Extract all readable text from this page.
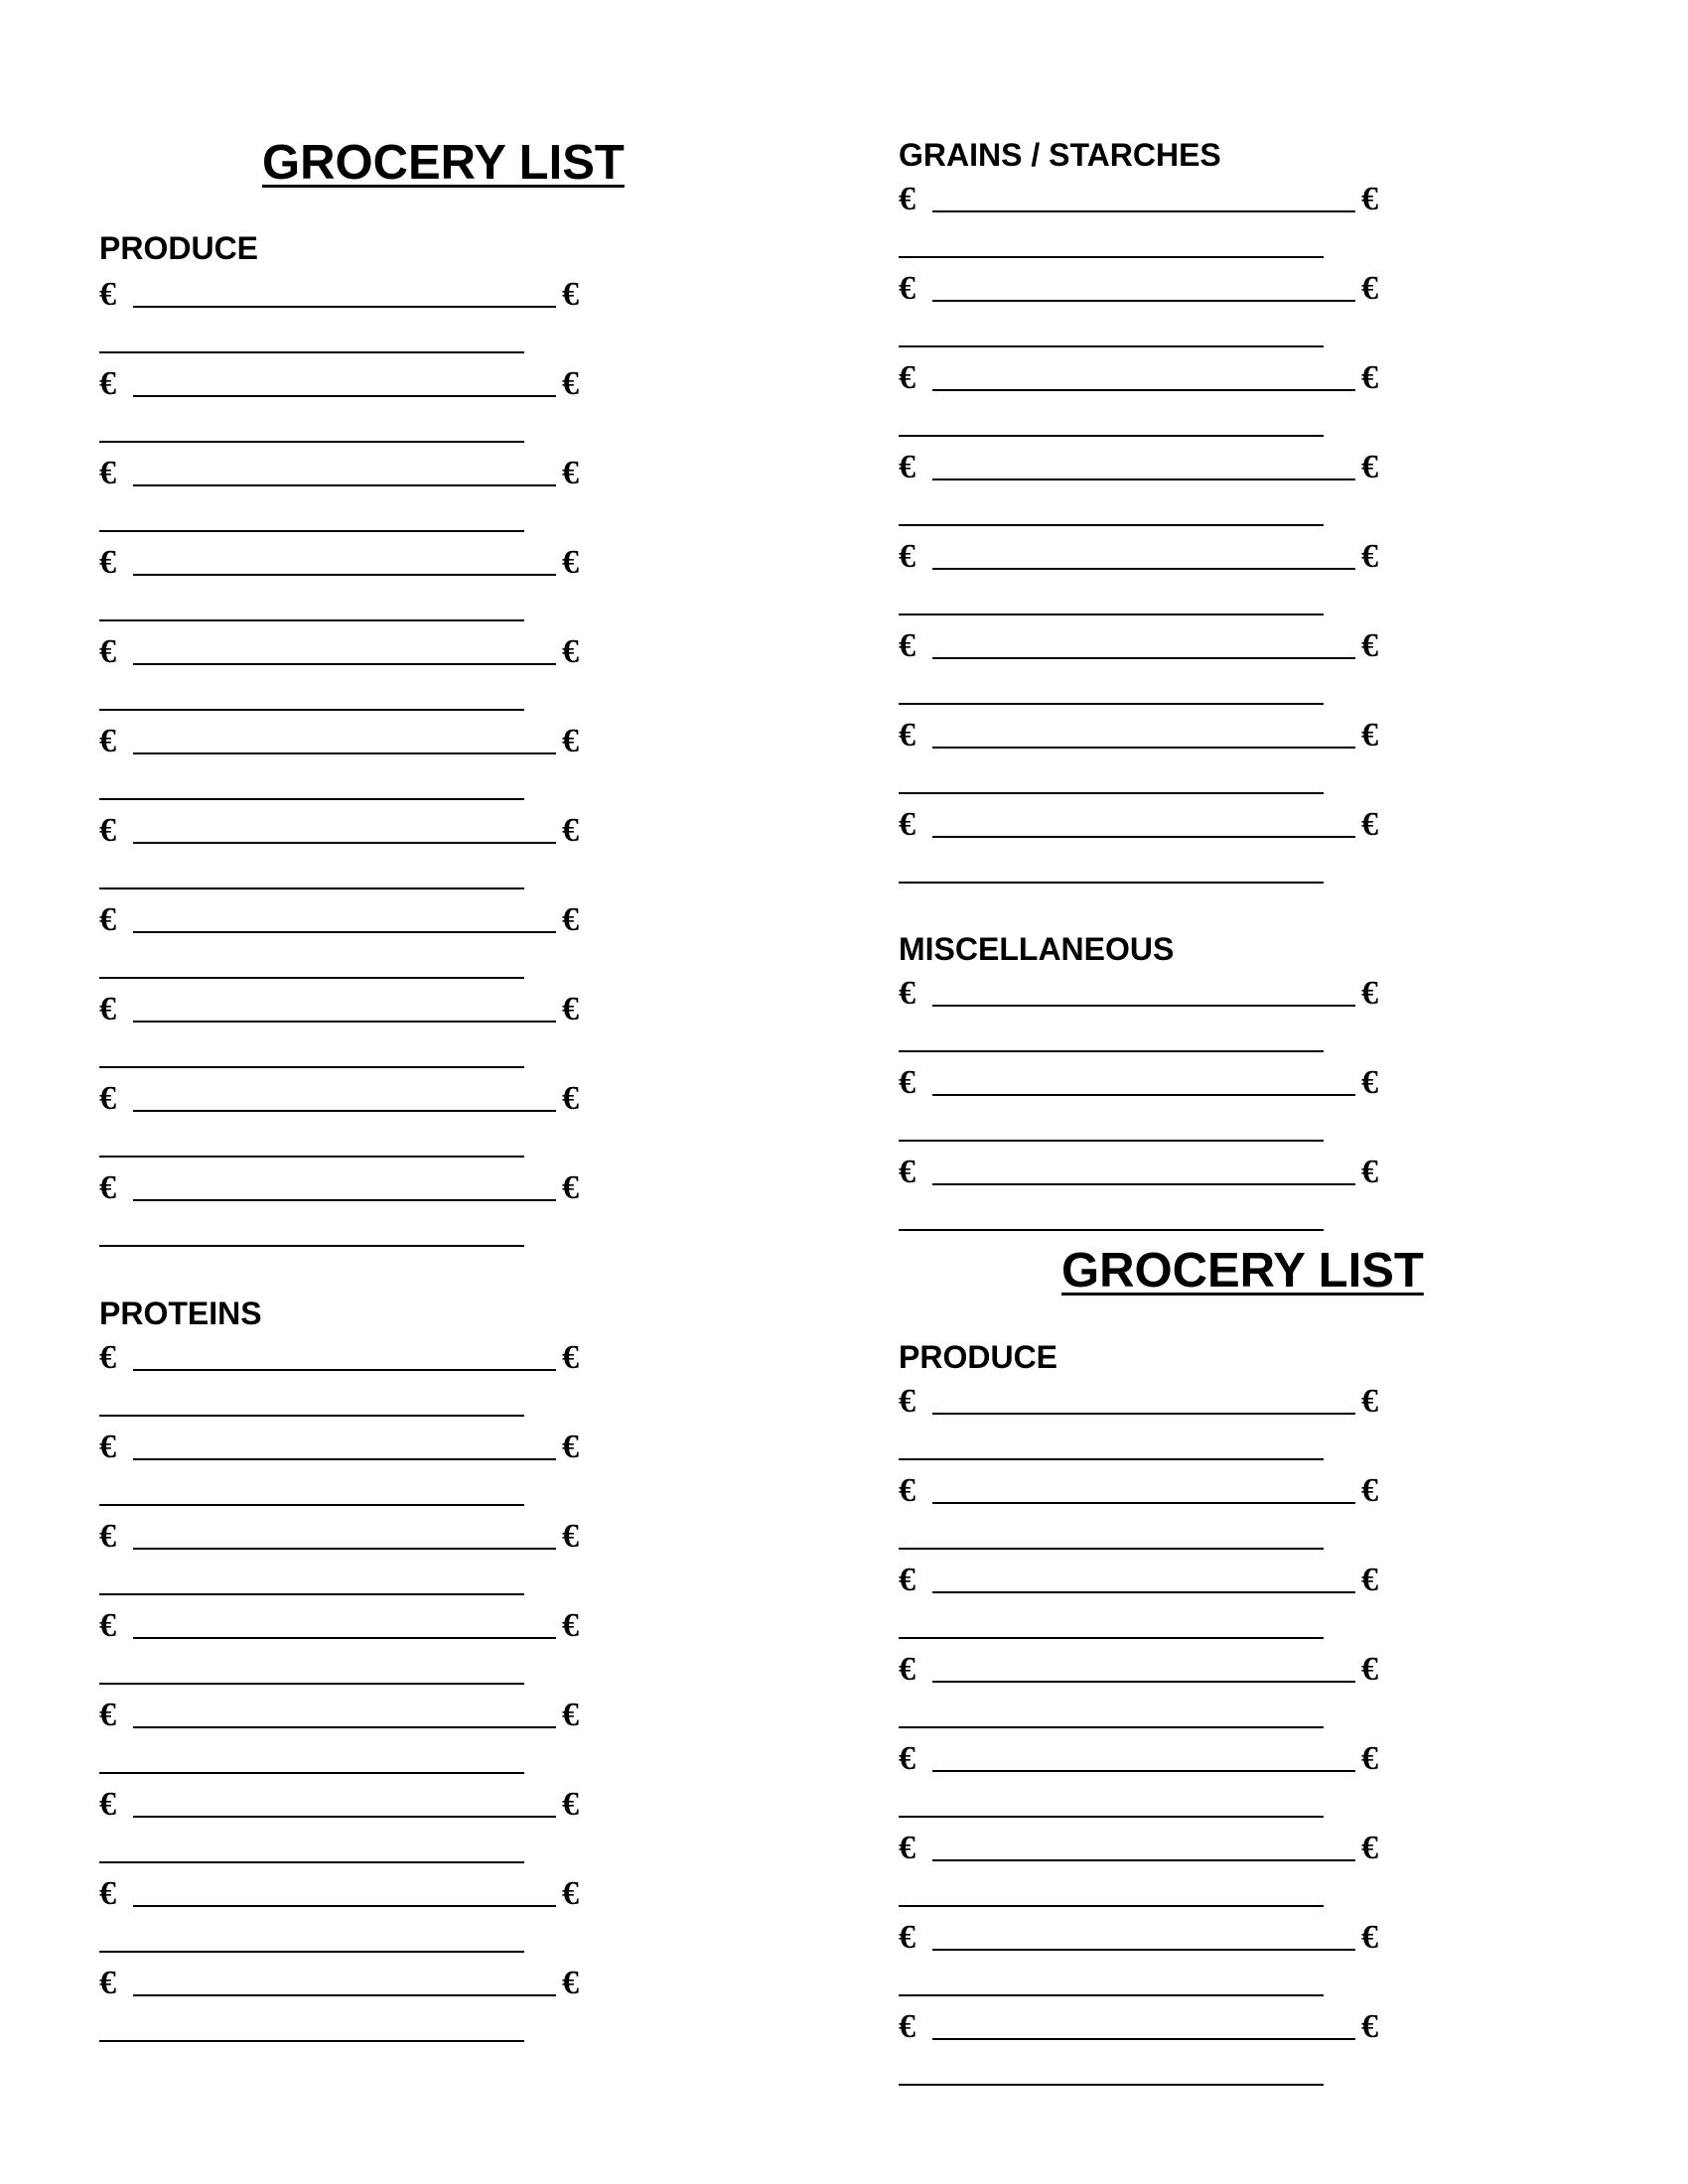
GROCERY LIST
PRODUCE
PROTEINS
GRAINS / STARCHES
MISCELLANEOUS
GROCERY LIST
PRODUCE
€	€
€	€
€	€
€	€
€	€
€	€
€	€
€	€
€	€
€	€
€	€
€	€
€	€
€	€
€	€
€	€
€	€
€	€
€	€
€	€
€	€
€	€
€	€
€	€
€	€
€	€
€	€
€	€
€	€
€	€
€	€
€	€
€	€
€	€
€	€
€	€
€	€
€	€
